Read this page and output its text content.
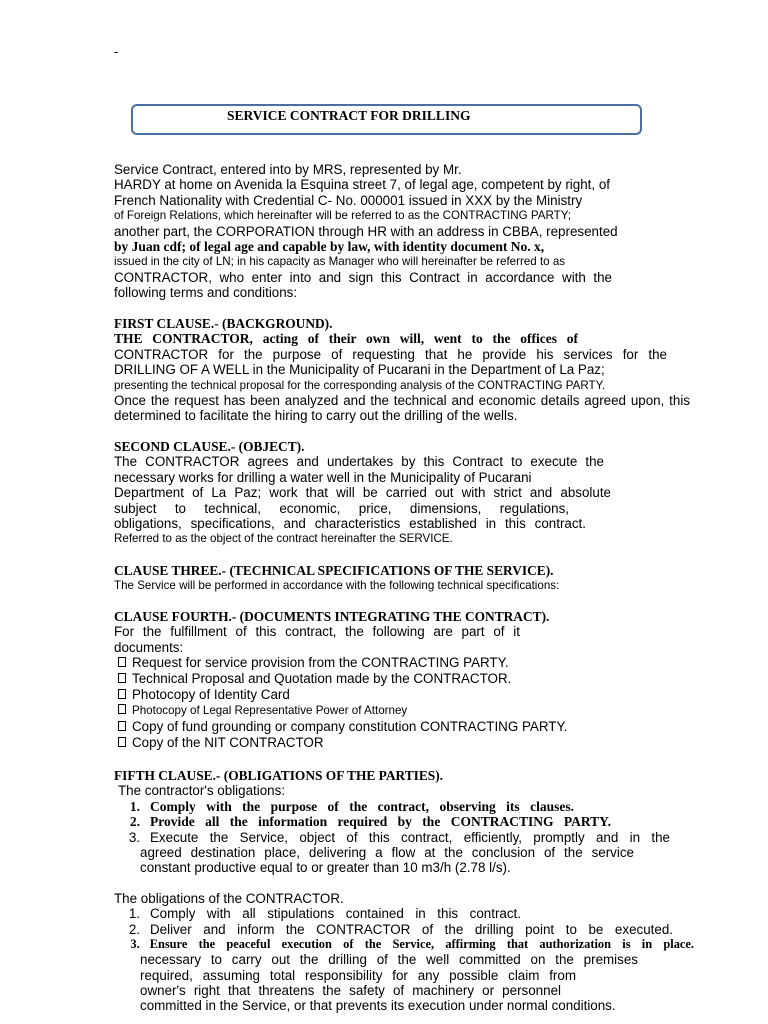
-
SERVICE CONTRACT FOR DRILLING
Service Contract, entered into by MRS, represented by Mr.
HARDY at home on Avenida la Esquina street 7, of legal age, competent by right, of
French Nationality with Credential C- No. 000001 issued in XXX by the Ministry
of Foreign Relations, which hereinafter will be referred to as the CONTRACTING PARTY;
another part, the CORPORATION through HR with an address in CBBA, represented
by Juan cdf; of legal age and capable by law, with identity document No. x,
issued in the city of LN; in his capacity as Manager who will hereinafter be referred to as
CONTRACTOR, who enter into and sign this Contract in accordance with the
following terms and conditions:
FIRST CLAUSE.- (BACKGROUND).
THE CONTRACTOR, acting of their own will, went to the offices of
CONTRACTOR for the purpose of requesting that he provide his services for the
DRILLING OF A WELL in the Municipality of Pucarani in the Department of La Paz;
presenting the technical proposal for the corresponding analysis of the CONTRACTING PARTY.
Once the request has been analyzed and the technical and economic details agreed upon, this
determined to facilitate the hiring to carry out the drilling of the wells.
SECOND CLAUSE.- (OBJECT).
The CONTRACTOR agrees and undertakes by this Contract to execute the
necessary works for drilling a water well in the Municipality of Pucarani
Department of La Paz; work that will be carried out with strict and absolute
subject to technical, economic, price, dimensions, regulations,
obligations, specifications, and characteristics established in this contract.
Referred to as the object of the contract hereinafter the SERVICE.
CLAUSE THREE.- (TECHNICAL SPECIFICATIONS OF THE SERVICE).
The Service will be performed in accordance with the following technical specifications:
CLAUSE FOURTH.- (DOCUMENTS INTEGRATING THE CONTRACT).
For the fulfillment of this contract, the following are part of it
documents:
Request for service provision from the CONTRACTING PARTY.
Technical Proposal and Quotation made by the CONTRACTOR.
Photocopy of Identity Card
Photocopy of Legal Representative Power of Attorney
Copy of fund grounding or company constitution CONTRACTING PARTY.
Copy of the NIT CONTRACTOR
FIFTH CLAUSE.- (OBLIGATIONS OF THE PARTIES).
The contractor's obligations:
1. Comply with the purpose of the contract, observing its clauses.
2. Provide all the information required by the CONTRACTING PARTY.
3. Execute the Service, object of this contract, efficiently, promptly and in the
agreed destination place, delivering a flow at the conclusion of the service
constant productive equal to or greater than 10 m3/h (2.78 l/s).
The obligations of the CONTRACTOR.
1. Comply with all stipulations contained in this contract.
2. Deliver and inform the CONTRACTOR of the drilling point to be executed.
3. Ensure the peaceful execution of the Service, affirming that authorization is in place.
necessary to carry out the drilling of the well committed on the premises
required, assuming total responsibility for any possible claim from
owner's right that threatens the safety of machinery or personnel
committed in the Service, or that prevents its execution under normal conditions.
